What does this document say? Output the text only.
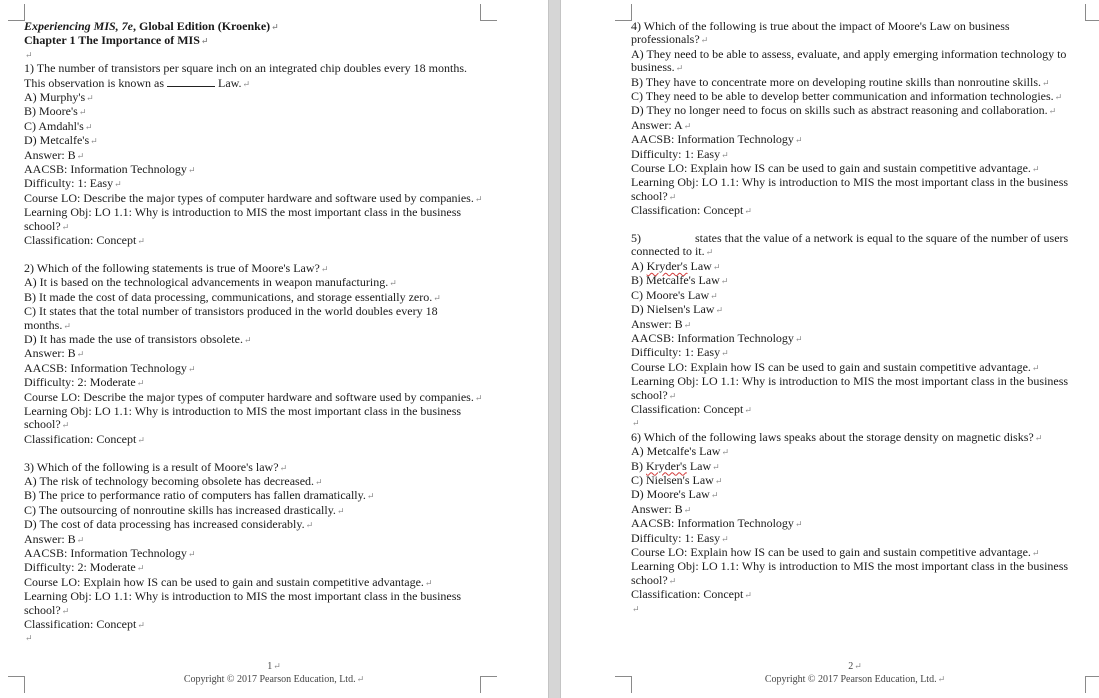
Experiencing MIS, 7e, Global Edition (Kroenke)↵
Chapter 1 The Importance of MIS↵
↵
1) The number of transistors per square inch on an integrated chip doubles every 18 months. This observation is known as	Law.↵
A) Murphy's↵
B) Moore's↵
C) Amdahl's↵
D) Metcalfe's↵
Answer: B↵
AACSB: Information Technology↵
Difficulty: 1: Easy↵
Course LO: Describe the major types of computer hardware and software used by companies.↵
Learning Obj: LO 1.1: Why is introduction to MIS the most important class in the business school?↵
Classification: Concept↵
2) Which of the following statements is true of Moore's Law?↵
A) It is based on the technological advancements in weapon manufacturing.↵
B) It made the cost of data processing, communications, and storage essentially zero.↵
C) It states that the total number of transistors produced in the world doubles every 18 months.↵
D) It has made the use of transistors obsolete.↵
Answer: B↵
AACSB: Information Technology↵
Difficulty: 2: Moderate↵
Course LO: Describe the major types of computer hardware and software used by companies.↵
Learning Obj: LO 1.1: Why is introduction to MIS the most important class in the business school?↵
Classification: Concept↵
3) Which of the following is a result of Moore's law?↵
A) The risk of technology becoming obsolete has decreased.↵
B) The price to performance ratio of computers has fallen dramatically.↵
C) The outsourcing of nonroutine skills has increased drastically.↵
D) The cost of data processing has increased considerably.↵
Answer: B↵
AACSB: Information Technology↵
Difficulty: 2: Moderate↵
Course LO: Explain how IS can be used to gain and sustain competitive advantage.↵
Learning Obj: LO 1.1: Why is introduction to MIS the most important class in the business school?↵
Classification: Concept↵
↵
1↵
Copyright © 2017 Pearson Education, Ltd.↵
4) Which of the following is true about the impact of Moore's Law on business professionals?↵
A) They need to be able to assess, evaluate, and apply emerging information technology to business.↵
B) They have to concentrate more on developing routine skills than nonroutine skills.↵
C) They need to be able to develop better communication and information technologies.↵
D) They no longer need to focus on skills such as abstract reasoning and collaboration.↵
Answer: A↵
AACSB: Information Technology↵
Difficulty: 1: Easy↵
Course LO: Explain how IS can be used to gain and sustain competitive advantage.↵
Learning Obj: LO 1.1: Why is introduction to MIS the most important class in the business school?↵
Classification: Concept↵
5)	states that the value of a network is equal to the square of the number of users connected to it.↵
A) Kryder's Law↵
B) Metcalfe's Law↵
C) Moore's Law↵
D) Nielsen's Law↵
Answer: B↵
AACSB: Information Technology↵
Difficulty: 1: Easy↵
Course LO: Explain how IS can be used to gain and sustain competitive advantage.↵
Learning Obj: LO 1.1: Why is introduction to MIS the most important class in the business school?↵
Classification: Concept↵
↵
6) Which of the following laws speaks about the storage density on magnetic disks?↵
A) Metcalfe's Law↵
B) Kryder's Law↵
C) Nielsen's Law↵
D) Moore's Law↵
Answer: B↵
AACSB: Information Technology↵
Difficulty: 1: Easy↵
Course LO: Explain how IS can be used to gain and sustain competitive advantage.↵
Learning Obj: LO 1.1: Why is introduction to MIS the most important class in the business school?↵
Classification: Concept↵
↵
2↵
Copyright © 2017 Pearson Education, Ltd.↵
